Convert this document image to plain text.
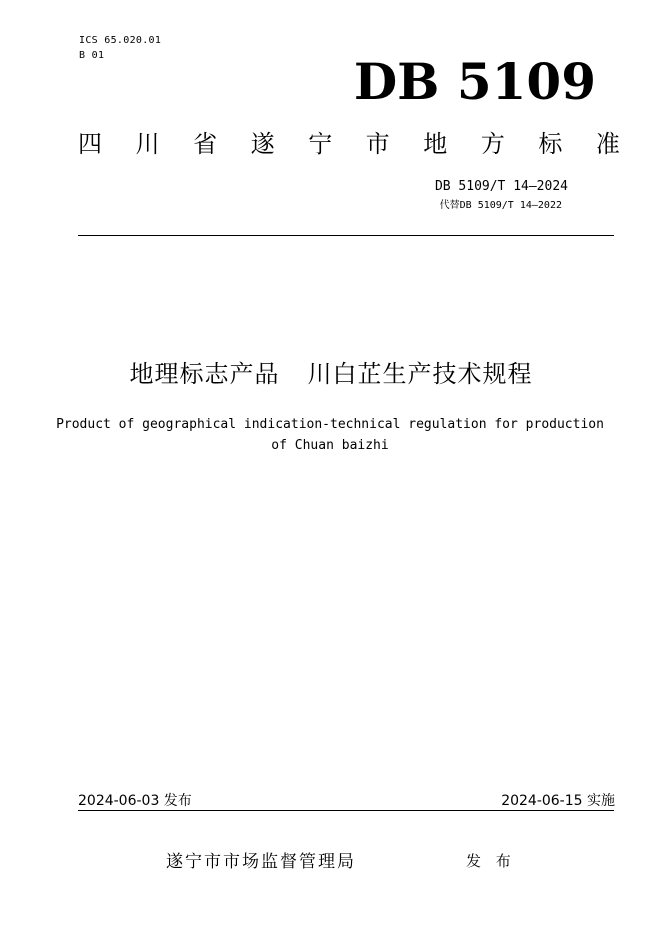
ICS 65.020.01
B 01	DB 5109
四 川 省 遂 宁 市 地 方 标 准
DB 5109/T 14—2024
代替DB 5109/T 14—2022
地理标志产品 川白芷生产技术规程
Product of geographical indication-technical regulation for production
of Chuan baizhi
2024-06-03 发布	2024-06-15 实施
遂宁市市场监督管理局	发 布
